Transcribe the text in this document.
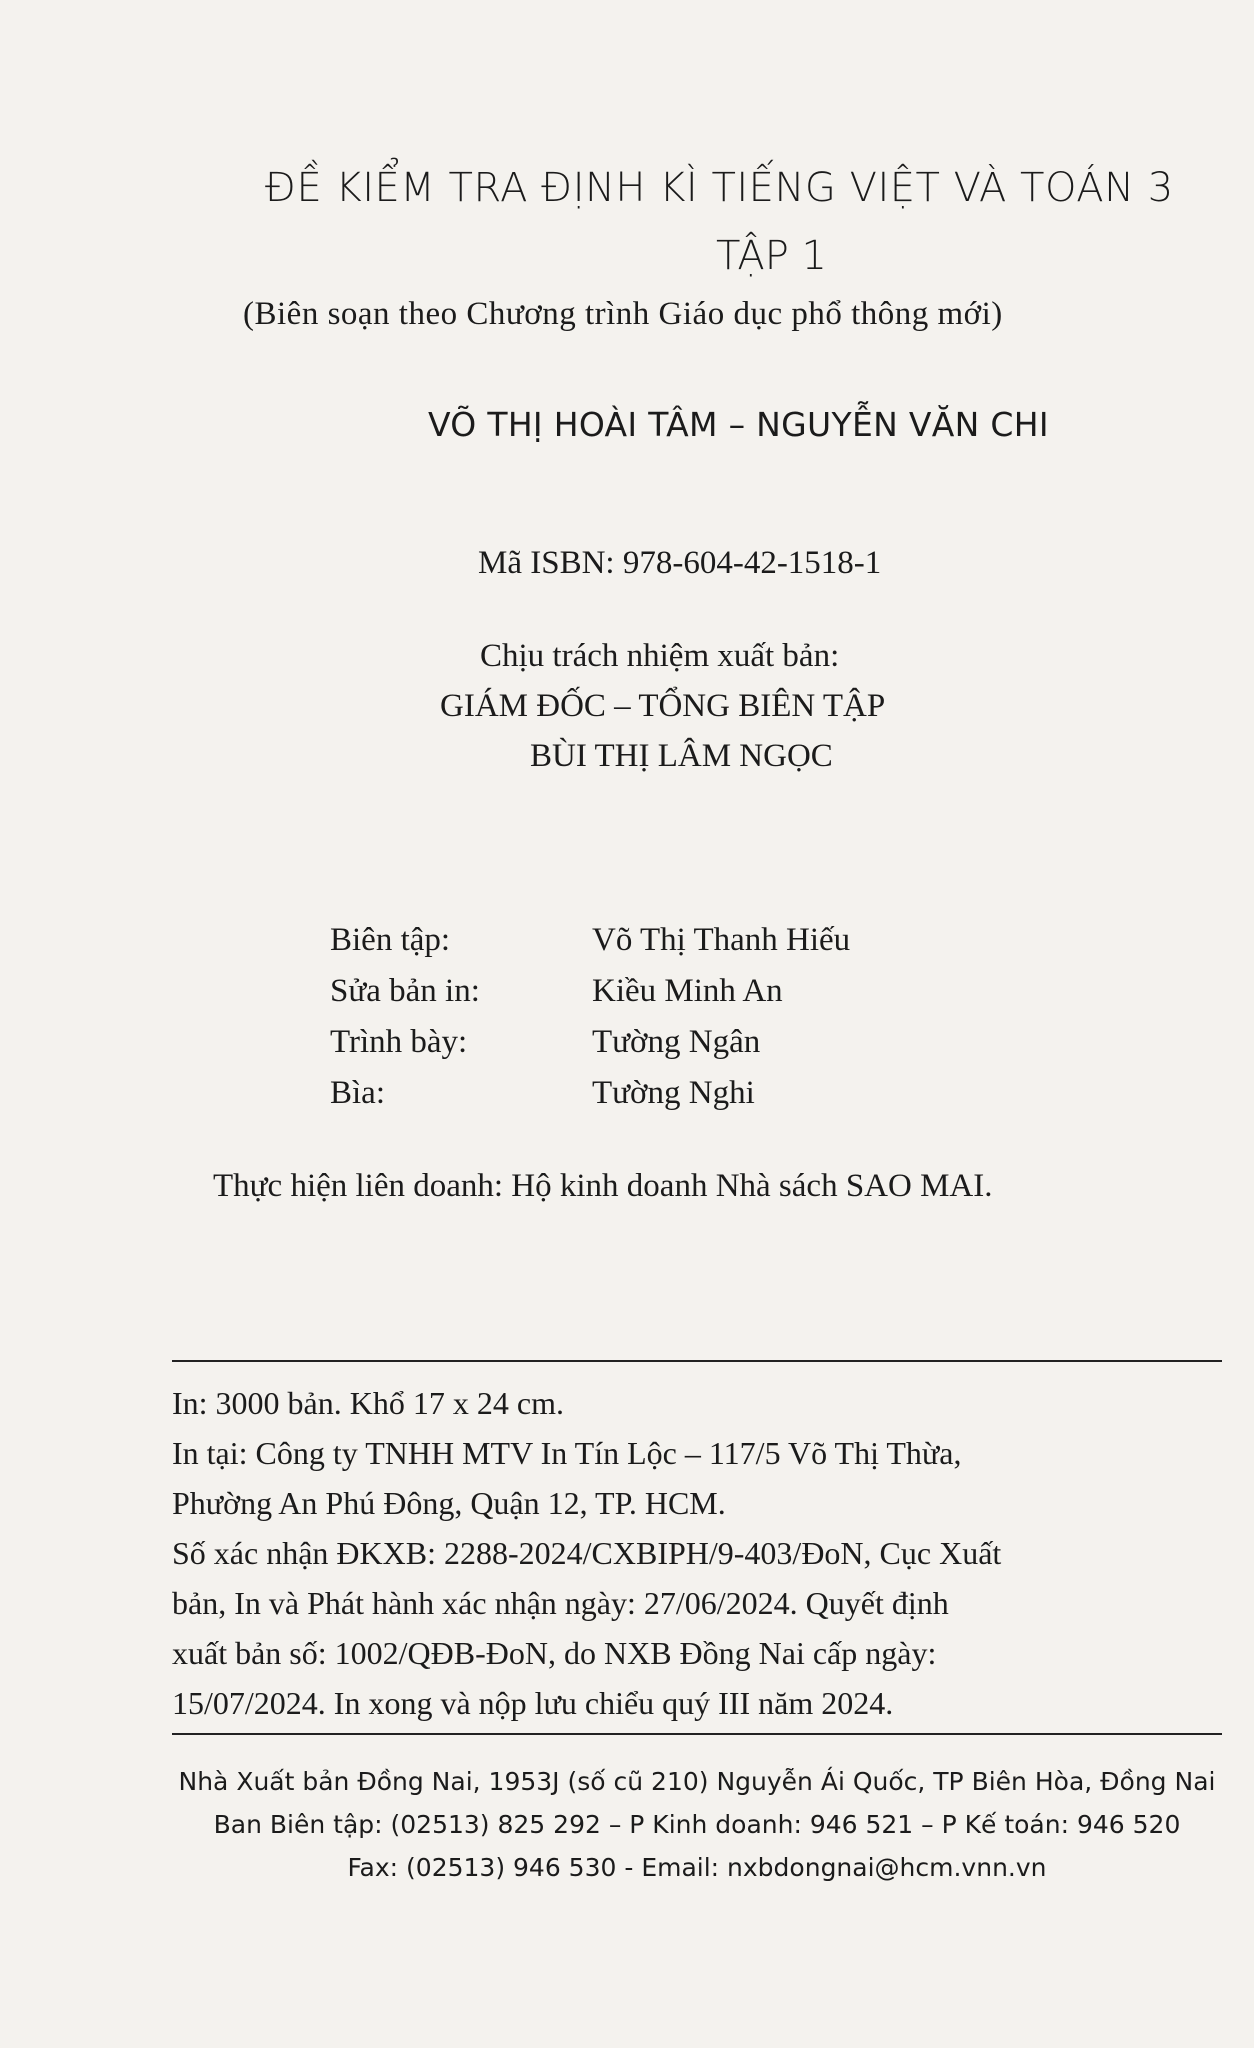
ĐỀ KIỂM TRA ĐỊNH KÌ TIẾNG VIỆT VÀ TOÁN 3
TẬP 1
(Biên soạn theo Chương trình Giáo dục phổ thông mới)
VÕ THỊ HOÀI TÂM – NGUYỄN VĂN CHI
Mã ISBN: 978-604-42-1518-1
Chịu trách nhiệm xuất bản:
GIÁM ĐỐC – TỔNG BIÊN TẬP
BÙI THỊ LÂM NGỌC
Biên tập:	Võ Thị Thanh Hiếu
Sửa bản in:	Kiều Minh An
Trình bày:	Tường Ngân
Bìa:	Tường Nghi
Thực hiện liên doanh: Hộ kinh doanh Nhà sách SAO MAI.
In: 3000 bản. Khổ 17 x 24 cm.
In tại: Công ty TNHH MTV In Tín Lộc – 117/5 Võ Thị Thừa,
Phường An Phú Đông, Quận 12, TP. HCM.
Số xác nhận ĐKXB: 2288-2024/CXBIPH/9-403/ĐoN, Cục Xuất
bản, In và Phát hành xác nhận ngày: 27/06/2024. Quyết định
xuất bản số: 1002/QĐB-ĐoN, do NXB Đồng Nai cấp ngày:
15/07/2024. In xong và nộp lưu chiểu quý III năm 2024.
Nhà Xuất bản Đồng Nai, 1953J (số cũ 210) Nguyễn Ái Quốc, TP Biên Hòa, Đồng Nai
Ban Biên tập: (02513) 825 292 – P Kinh doanh: 946 521 – P Kế toán: 946 520
Fax: (02513) 946 530 - Email: nxbdongnai@hcm.vnn.vn
